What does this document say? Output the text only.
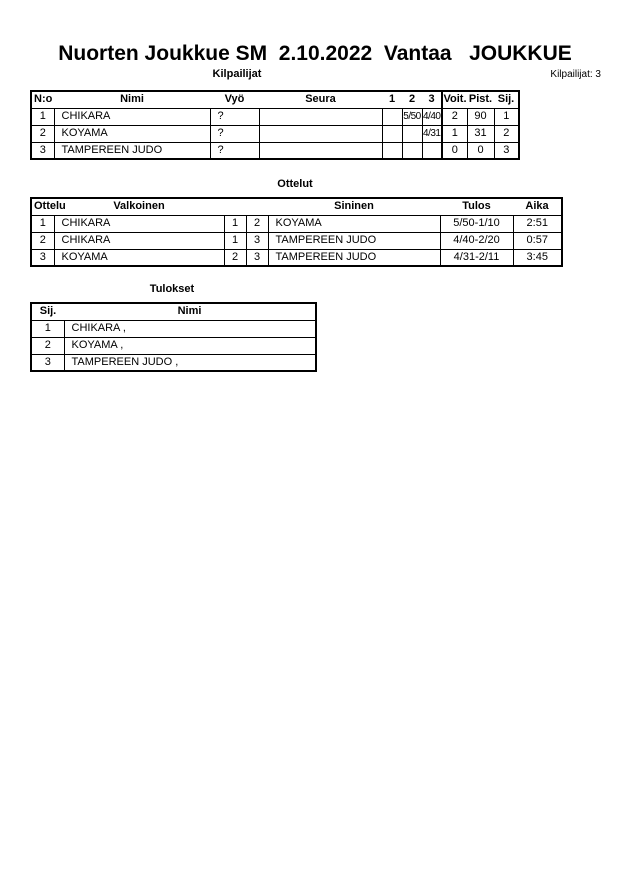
Nuorten Joukkue SM  2.10.2022  Vantaa   JOUKKUE
Kilpailijat	Kilpailijat: 3
N:o	Nimi	Vyö	Seura	1	2	3	Voit.	Pist.	Sij.
1	CHIKARA	?			5/50	4/40	2	90	1
2	KOYAMA	?				4/31	1	31	2
3	TAMPEREEN JUDO	?					0	0	3
Ottelut
Ottelu	Valkoinen			Sininen	Tulos	Aika
1	CHIKARA	1	2	KOYAMA	5/50-1/10	2:51
2	CHIKARA	1	3	TAMPEREEN JUDO	4/40-2/20	0:57
3	KOYAMA	2	3	TAMPEREEN JUDO	4/31-2/11	3:45
Tulokset
Sij.	Nimi
1	CHIKARA ,
2	KOYAMA ,
3	TAMPEREEN JUDO ,
